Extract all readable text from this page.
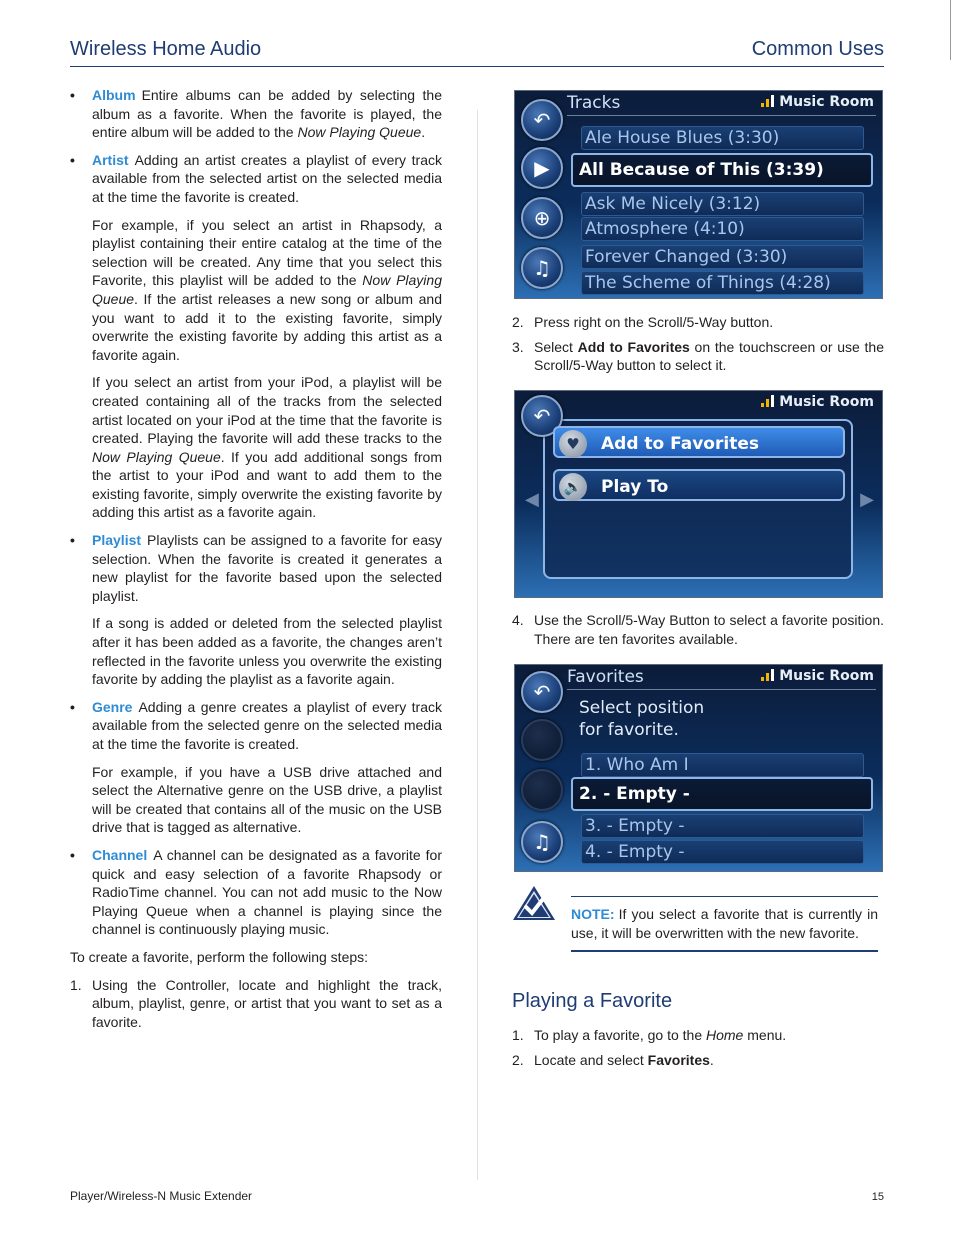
Wireless Home Audio	Common Uses
• Album Entire albums can be added by selecting the album as a favorite. When the favorite is played, the entire album will be added to the Now Playing Queue.
• Artist Adding an artist creates a playlist of every track available from the selected artist on the selected media at the time the favorite is created.

For example, if you select an artist in Rhapsody, a playlist containing their entire catalog at the time of the selection will be created. Any time that you select this Favorite, this playlist will be added to the Now Playing Queue. If the artist releases a new song or album and you want to add it to the existing favorite, simply overwrite the existing favorite by adding this artist as a favorite again.

If you select an artist from your iPod, a playlist will be created containing all of the tracks from the selected artist located on your iPod at the time that the favorite is created. Playing the favorite will add these tracks to the Now Playing Queue. If you add additional songs from the artist to your iPod and want to add them to the existing favorite, simply overwrite the existing favorite by adding this artist as a favorite again.

• Playlist Playlists can be assigned to a favorite for easy selection. When the favorite is created it generates a new playlist for the favorite based upon the selected playlist.

If a song is added or deleted from the selected playlist after it has been added as a favorite, the changes aren’t reflected in the favorite unless you overwrite the existing favorite by adding the playlist as a favorite again.

• Genre Adding a genre creates a playlist of every track available from the selected genre on the selected media at the time the favorite is created.

For example, if you have a USB drive attached and select the Alternative genre on the USB drive, a playlist will be created that contains all of the music on the USB drive that is tagged as alternative.

• Channel A channel can be designated as a favorite for quick and easy selection of a favorite Rhapsody or RadioTime channel. You can not add music to the Now Playing Queue when a channel is playing since the channel is continuously playing music.

To create a favorite, perform the following steps:

1. Using the Controller, locate and highlight the track, album, playlist, genre, or artist that you want to set as a favorite.
Tracks	Music Room
↶
▶
⊕
♫
Ale House Blues (3:30)
All Because of This (3:39)
Ask Me Nicely (3:12)
Atmosphere (4:10)
Forever Changed (3:30)
The Scheme of Things (4:28)
2. Press right on the Scroll/5-Way button.
3. Select Add to Favorites on the touchscreen or use the Scroll/5-Way button to select it.
Music Room
↶
◀	▶
♥	Add to Favorites
🔊 Play To
4. Use the Scroll/5-Way Button to select a favorite position. There are ten favorites available.
Favorites	Music Room
↶
♫
Select position
for favorite.
1. Who Am I
2. - Empty -
3. - Empty -
4. - Empty -
NOTE: If you select a favorite that is currently in use, it will be overwritten with the new favorite.
Playing a Favorite
1. To play a favorite, go to the Home menu.
2. Locate and select Favorites.
Player/Wireless-N Music Extender	15
